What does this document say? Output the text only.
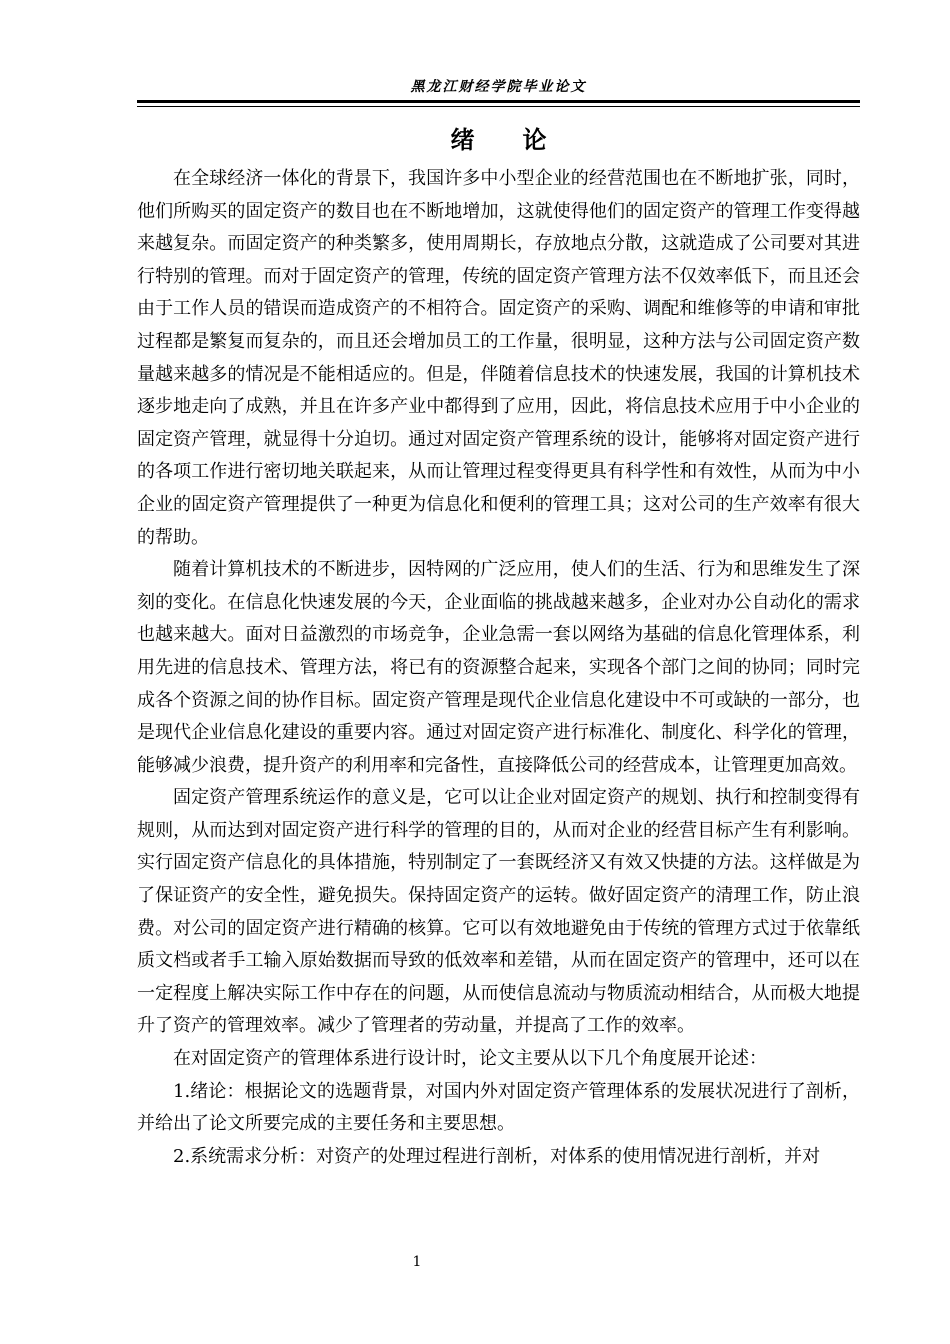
黑龙江财经学院毕业论文
绪论

在全球经济一体化的背景下，我国许多中小型企业的经营范围也在不断地扩张，同时，他们所购买的固定资产的数目也在不断地增加，这就使得他们的固定资产的管理工作变得越来越复杂。而固定资产的种类繁多，使用周期长，存放地点分散，这就造成了公司要对其进行特别的管理。而对于固定资产的管理，传统的固定资产管理方法不仅效率低下，而且还会由于工作人员的错误而造成资产的不相符合。固定资产的采购、调配和维修等的申请和审批过程都是繁复而复杂的，而且还会增加员工的工作量，很明显，这种方法与公司固定资产数量越来越多的情况是不能相适应的。但是，伴随着信息技术的快速发展，我国的计算机技术逐步地走向了成熟，并且在许多产业中都得到了应用，因此，将信息技术应用于中小企业的固定资产管理，就显得十分迫切。通过对固定资产管理系统的设计，能够将对固定资产进行的各项工作进行密切地关联起来，从而让管理过程变得更具有科学性和有效性，从而为中小企业的固定资产管理提供了一种更为信息化和便利的管理工具；这对公司的生产效率有很大的帮助。

随着计算机技术的不断进步，因特网的广泛应用，使人们的生活、行为和思维发生了深刻的变化。在信息化快速发展的今天，企业面临的挑战越来越多，企业对办公自动化的需求也越来越大。面对日益激烈的市场竞争，企业急需一套以网络为基础的信息化管理体系，利用先进的信息技术、管理方法，将已有的资源整合起来，实现各个部门之间的协同；同时完成各个资源之间的协作目标。固定资产管理是现代企业信息化建设中不可或缺的一部分，也是现代企业信息化建设的重要内容。通过对固定资产进行标准化、制度化、科学化的管理，能够减少浪费，提升资产的利用率和完备性，直接降低公司的经营成本，让管理更加高效。

固定资产管理系统运作的意义是，它可以让企业对固定资产的规划、执行和控制变得有规则，从而达到对固定资产进行科学的管理的目的，从而对企业的经营目标产生有利影响。实行固定资产信息化的具体措施，特别制定了一套既经济又有效又快捷的方法。这样做是为了保证资产的安全性，避免损失。保持固定资产的运转。做好固定资产的清理工作，防止浪费。对公司的固定资产进行精确的核算。它可以有效地避免由于传统的管理方式过于依靠纸质文档或者手工输入原始数据而导致的低效率和差错，从而在固定资产的管理中，还可以在一定程度上解决实际工作中存在的问题，从而使信息流动与物质流动相结合，从而极大地提升了资产的管理效率。减少了管理者的劳动量，并提高了工作的效率。

在对固定资产的管理体系进行设计时，论文主要从以下几个角度展开论述：

1.绪论：根据论文的选题背景，对国内外对固定资产管理体系的发展状况进行了剖析，并给出了论文所要完成的主要任务和主要思想。

2.系统需求分析：对资产的处理过程进行剖析，对体系的使用情况进行剖析，并对

1
